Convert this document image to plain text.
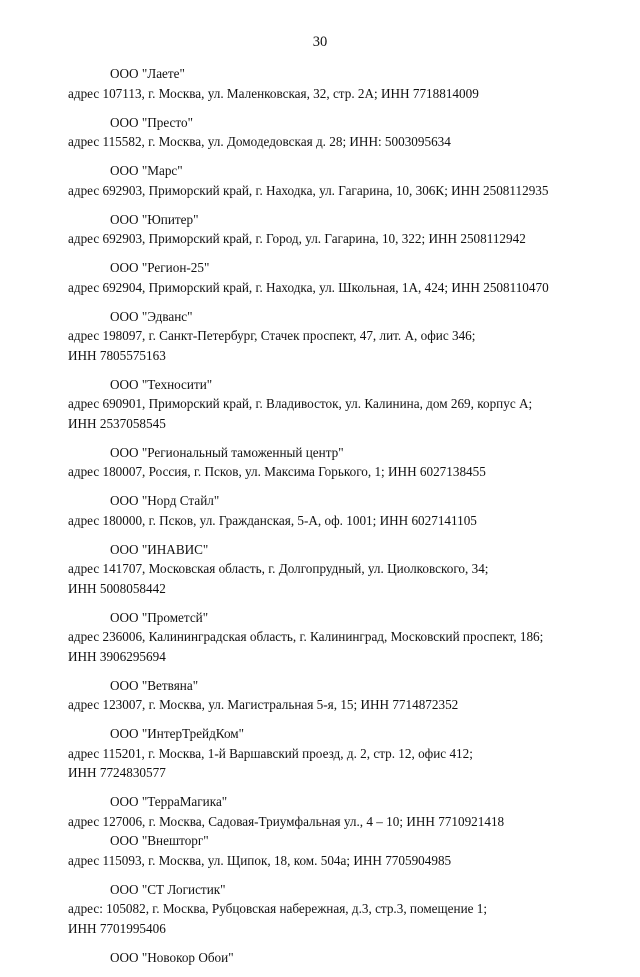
30
ООО "Лаете"
адрес 107113, г. Москва, ул. Маленковская, 32, стр. 2А; ИНН 7718814009
ООО "Престо"
адрес 115582, г. Москва, ул. Домодедовская д. 28; ИНН: 5003095634
ООО "Марс"
адрес 692903, Приморский край, г. Находка, ул. Гагарина, 10, 306К; ИНН 2508112935
ООО "Юпитер"
адрес 692903, Приморский край, г. Город, ул. Гагарина, 10, 322; ИНН 2508112942
ООО "Регион-25"
адрес 692904, Приморский край, г. Находка, ул. Школьная, 1А, 424; ИНН 2508110470
ООО "Эдванс"
адрес 198097, г. Санкт-Петербург, Стачек проспект, 47, лит. А, офис 346;
ИНН 7805575163
ООО "Техносити"
адрес 690901, Приморский край, г. Владивосток, ул. Калинина, дом 269, корпус А;
ИНН 2537058545
ООО "Региональный таможенный центр"
адрес 180007, Россия, г. Псков, ул. Максима Горького, 1; ИНН 6027138455
ООО "Норд Стайл"
адрес 180000, г. Псков, ул. Гражданская, 5-А, оф. 1001; ИНН 6027141105
ООО "ИНАВИС"
адрес 141707, Московская область, г. Долгопрудный, ул. Циолковского, 34;
ИНН 5008058442
ООО "Прометсй"
адрес 236006, Калининградская область, г. Калининград, Московский проспект, 186;
ИНН 3906295694
ООО "Ветвяна"
адрес 123007, г. Москва, ул. Магистральная 5-я, 15; ИНН 7714872352
ООО "ИнтерТрейдКом"
адрес 115201, г. Москва, 1-й Варшавский проезд, д. 2, стр. 12, офис 412;
ИНН 7724830577
ООО "ТерраМагика"
адрес 127006, г. Москва, Садовая-Триумфальная ул., 4 – 10; ИНН 7710921418
ООО "Внешторг"
адрес 115093, г. Москва, ул. Щипок, 18, ком. 504а; ИНН 7705904985
ООО "СТ Логистик"
адрес: 105082, г. Москва, Рубцовская набережная, д.3, стр.3, помещение 1;
ИНН 7701995406
ООО "Новокор Обои"
